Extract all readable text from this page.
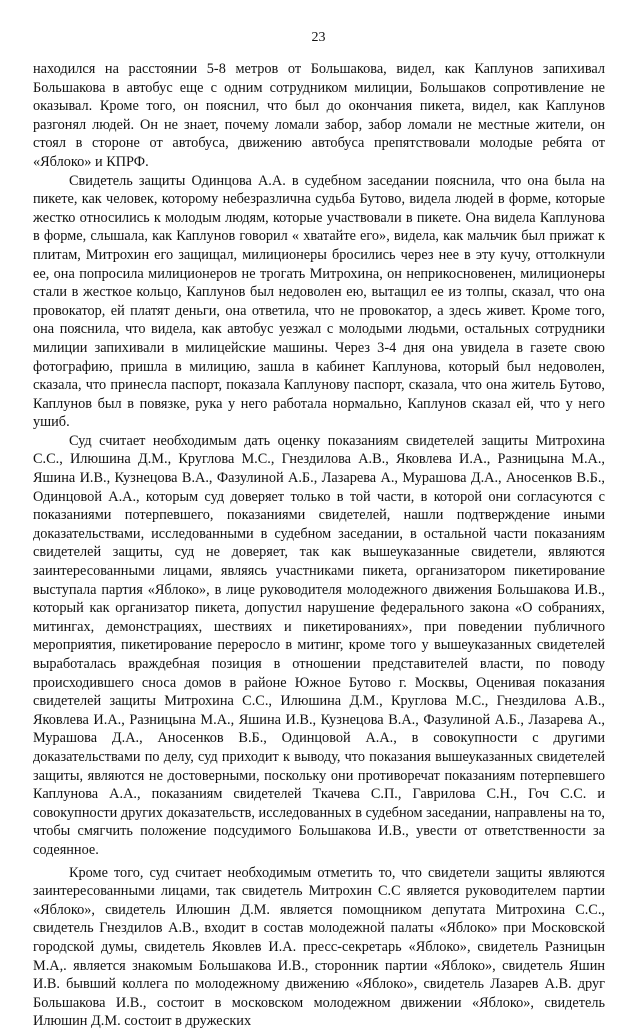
23

находился на расстоянии 5-8 метров от Большакова, видел, как Каплунов запихивал Большакова в автобус еще с одним сотрудником милиции, Большаков сопротивление не оказывал. Кроме того, он пояснил, что был до окончания пикета, видел, как Каплунов разгонял людей. Он не знает, почему ломали забор, забор ломали не местные жители, он стоял в стороне от автобуса, движению автобуса препятствовали молодые ребята от «Яблоко» и КПРФ.

Свидетель защиты Одинцова А.А. в судебном заседании пояснила, что она была на пикете, как человек, которому небезразлична судьба Бутово, видела людей в форме, которые жестко относились к молодым людям, которые участвовали в пикете. Она видела Каплунова в форме, слышала, как Каплунов говорил « хватайте его», видела, как мальчик был прижат к плитам, Митрохин его защищал, милиционеры бросились через нее в эту кучу, оттолкнули ее, она попросила милиционеров не трогать Митрохина, он неприкосновенен, милиционеры стали в жесткое кольцо, Каплунов был недоволен ею, вытащил ее из толпы, сказал, что она провокатор, ей платят деньги, она ответила, что не провокатор, а здесь живет. Кроме того, она пояснила, что видела, как автобус уезжал с молодыми людьми, остальных сотрудники милиции запихивали в милицейские машины. Через 3-4 дня она увидела в газете свою фотографию, пришла в милицию, зашла в кабинет Каплунова, который был недоволен, сказала, что принесла паспорт, показала Каплунову паспорт, сказала, что она житель Бутово, Каплунов был в повязке, рука у него работала нормально, Каплунов сказал ей, что у него ушиб.

Суд считает необходимым дать оценку показаниям свидетелей защиты Митрохина С.С., Илюшина Д.М., Круглова М.С., Гнездилова А.В., Яковлева И.А., Разницына М.А., Яшина И.В., Кузнецова В.А., Фазулиной А.Б., Лазарева А., Мурашова Д.А., Аносенков В.Б., Одинцовой А.А., которым суд доверяет только в той части, в которой они согласуются с показаниями потерпевшего, показаниями свидетелей, нашли подтверждение иными доказательствами, исследованными в судебном заседании, в остальной части показаниям свидетелей защиты, суд не доверяет, так как вышеуказанные свидетели, являются заинтересованными лицами, являясь участниками пикета, организатором пикетирование выступала партия «Яблоко», в лице руководителя молодежного движения Большакова И.В., который как организатор пикета, допустил нарушение федерального закона «О собраниях, митингах, демонстрациях, шествиях и пикетированиях», при поведении публичного мероприятия, пикетирование переросло в митинг, кроме того у вышеуказанных свидетелей выработалась враждебная позиция в отношении представителей власти, по поводу происходившего сноса домов в районе Южное Бутово г. Москвы, Оценивая показания свидетелей защиты Митрохина С.С., Илюшина Д.М., Круглова М.С., Гнездилова А.В., Яковлева И.А., Разницына М.А., Яшина И.В., Кузнецова В.А., Фазулиной А.Б., Лазарева А., Мурашова Д.А., Аносенков В.Б., Одинцовой А.А., в совокупности с другими доказательствами по делу, суд приходит к выводу, что показания вышеуказанных свидетелей защиты, являются не достоверными, поскольку они противоречат показаниям потерпевшего Каплунова А.А., показаниям свидетелей Ткачева С.П., Гаврилова С.Н., Гоч С.С. и совокупности других доказательств, исследованных в судебном заседании, направлены на то, чтобы смягчить положение подсудимого Большакова И.В., увести от ответственности за содеянное.

Кроме того, суд считает необходимым отметить то, что свидетели защиты являются заинтересованными лицами, так свидетель Митрохин С.С является руководителем партии «Яблоко», свидетель Илюшин Д.М. является помощником депутата Митрохина С.С., свидетель Гнездилов А.В., входит в состав молодежной палаты «Яблоко» при Московской городской думы, свидетель Яковлев И.А. пресс-секретарь «Яблоко», свидетель Разницын М.А,. является знакомым Большакова И.В., сторонник партии «Яблоко», свидетель Яшин И.В. бывший коллега по молодежному движению «Яблоко», свидетель Лазарев А.В. друг Большакова И.В., состоит в московском молодежном движении «Яблоко», свидетель Илюшин Д.М. состоит в дружеских
